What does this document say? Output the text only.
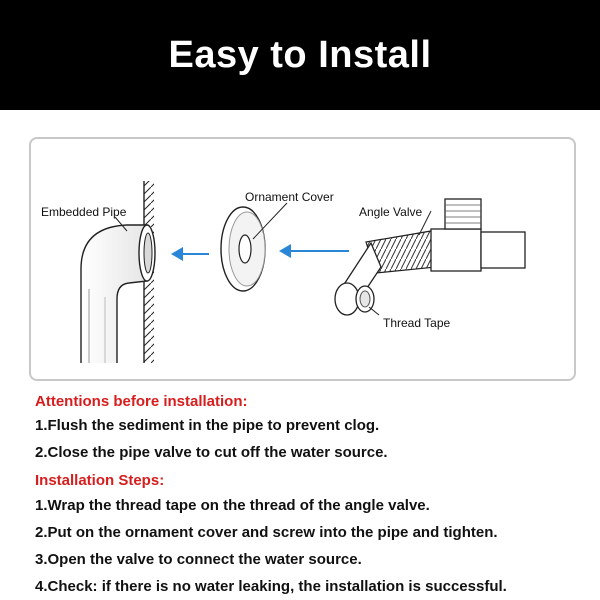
Easy to Install
Embedded Pipe
Ornament Cover
Angle Valve
Thread Tape
Attentions before installation:
1.Flush the sediment in the pipe to prevent clog.
2.Close the pipe valve to cut off the water source.
Installation Steps:
1.Wrap the thread tape on the thread of the angle valve.
2.Put on the ornament cover and screw into the pipe and tighten.
3.Open the valve to connect the water source.
4.Check: if there is no water leaking, the installation is successful.
